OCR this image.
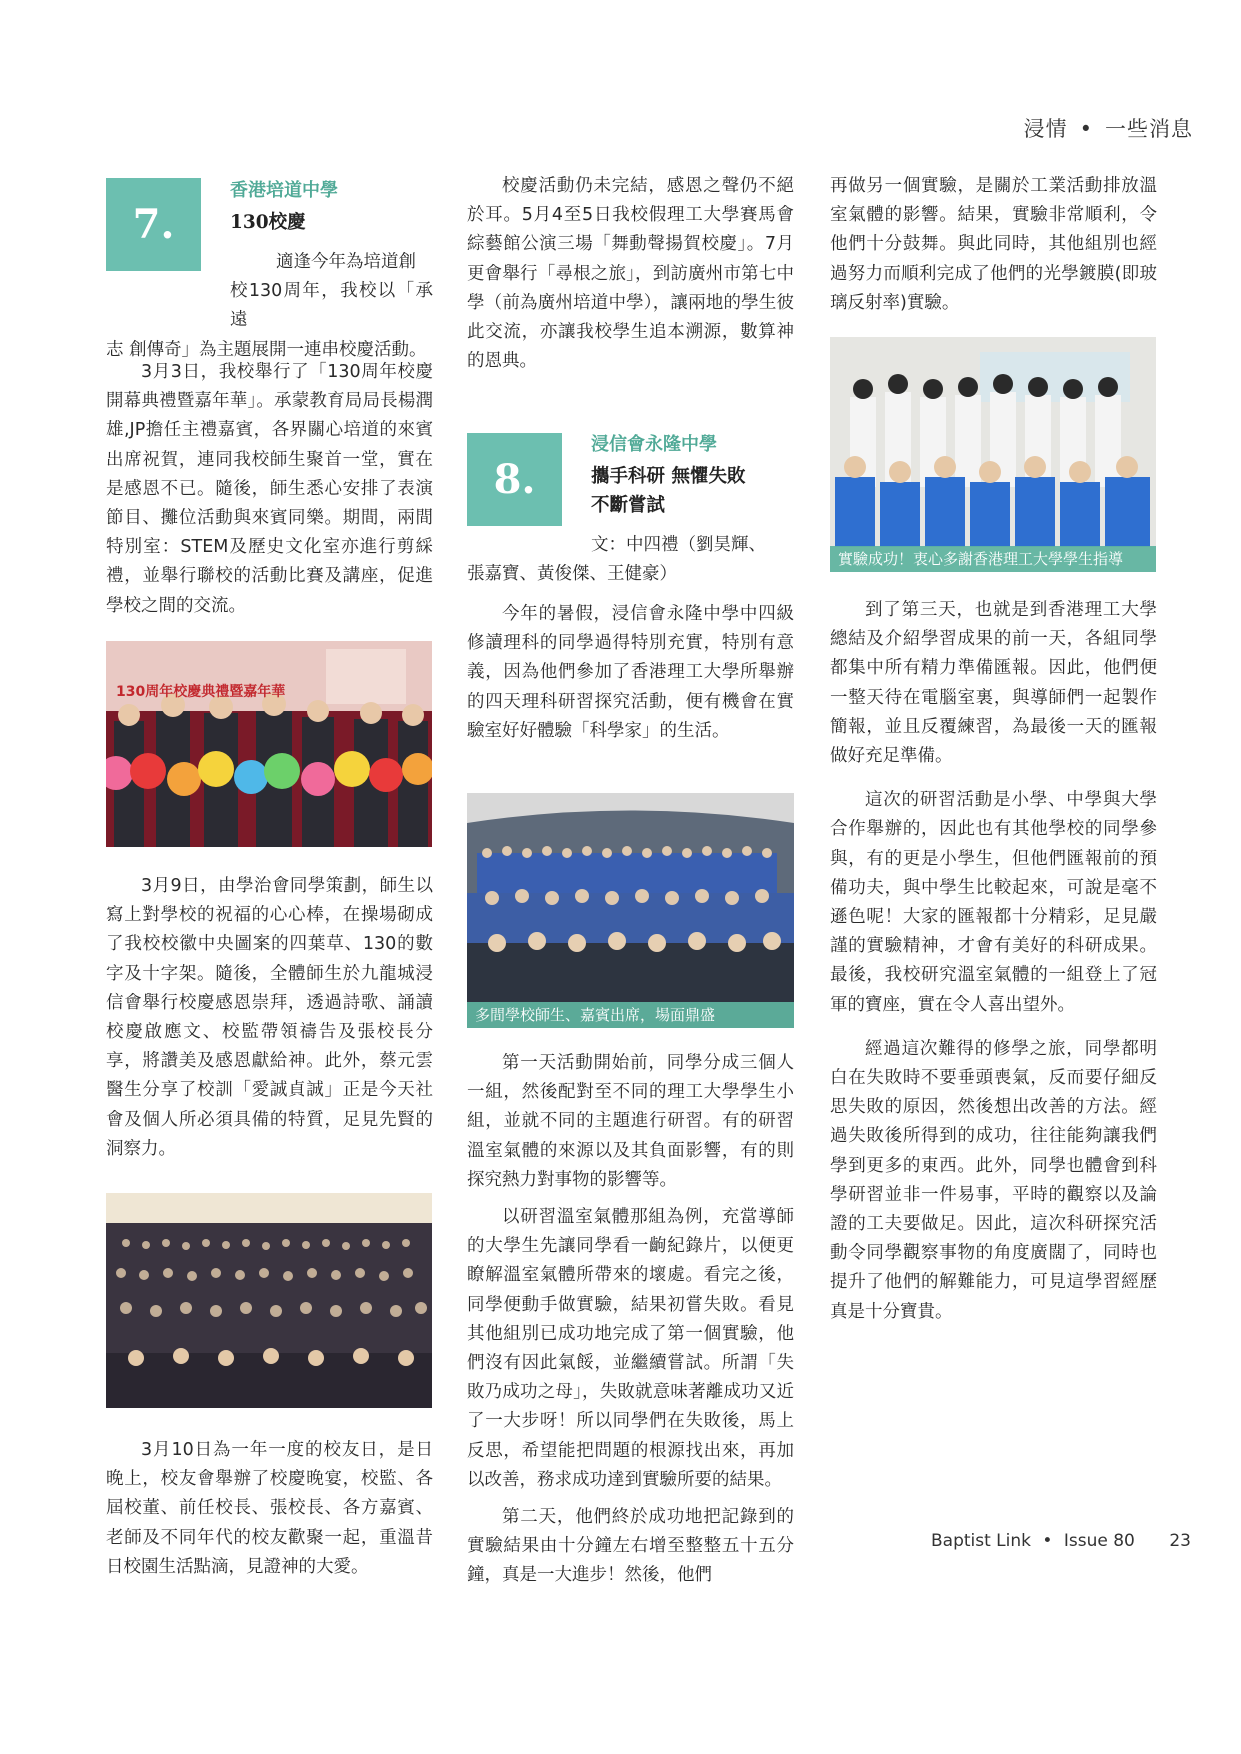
浸情 • 一些消息
7.
香港培道中學
130校慶
適逢今年為培道創
校130周年，我校以「承遠
志 創傳奇」為主題展開一連串校慶活動。

3月3日，我校舉行了「130周年校慶開幕典禮暨嘉年華」。承蒙教育局局長楊潤雄,JP擔任主禮嘉賓，各界關心培道的來賓出席祝賀，連同我校師生聚首一堂，實在是感恩不已。隨後，師生悉心安排了表演節目、攤位活動與來賓同樂。期間，兩間特別室：STEM及歷史文化室亦進行剪綵禮，並舉行聯校的活動比賽及講座，促進學校之間的交流。

130周年校慶典禮暨嘉年華

3月9日，由學治會同學策劃，師生以寫上對學校的祝福的心心棒，在操場砌成了我校校徽中央圖案的四葉草、130的數字及十字架。隨後，全體師生於九龍城浸信會舉行校慶感恩崇拜，透過詩歌、誦讀校慶啟應文、校監帶領禱告及張校長分享，將讚美及感恩獻給神。此外，蔡元雲醫生分享了校訓「愛誠貞誠」正是今天社會及個人所必須具備的特質，足見先賢的洞察力。

3月10日為一年一度的校友日，是日晚上，校友會舉辦了校慶晚宴，校監、各屆校董、前任校長、張校長、各方嘉賓、老師及不同年代的校友歡聚一起，重溫昔日校園生活點滴，見證神的大愛。

校慶活動仍未完結，感恩之聲仍不絕於耳。5月4至5日我校假理工大學賽馬會綜藝館公演三場「舞動聲揚賀校慶」。7月更會舉行「尋根之旅」，到訪廣州市第七中學（前為廣州培道中學），讓兩地的學生彼此交流，亦讓我校學生追本溯源，數算神的恩典。

8.
浸信會永隆中學
攜手科研 無懼失敗
不斷嘗試
文：中四禮（劉昊輝、
張嘉寶、黃俊傑、王健豪）

今年的暑假，浸信會永隆中學中四級修讀理科的同學過得特別充實，特別有意義，因為他們參加了香港理工大學所舉辦的四天理科研習探究活動，便有機會在實驗室好好體驗「科學家」的生活。

多間學校師生、嘉賓出席，場面鼎盛

第一天活動開始前，同學分成三個人一組，然後配對至不同的理工大學學生小組，並就不同的主題進行研習。有的研習溫室氣體的來源以及其負面影響，有的則探究熱力對事物的影響等。

以研習溫室氣體那組為例，充當導師的大學生先讓同學看一齣紀錄片，以便更瞭解溫室氣體所帶來的壞處。看完之後，同學便動手做實驗，結果初嘗失敗。看見其他組別已成功地完成了第一個實驗，他們沒有因此氣餒，並繼續嘗試。所謂「失敗乃成功之母」，失敗就意味著離成功又近了一大步呀！所以同學們在失敗後，馬上反思，希望能把問題的根源找出來，再加以改善，務求成功達到實驗所要的結果。

第二天，他們終於成功地把記錄到的實驗結果由十分鐘左右增至整整五十五分鐘，真是一大進步！然後，他們

再做另一個實驗，是關於工業活動排放溫室氣體的影響。結果，實驗非常順利，令他們十分鼓舞。與此同時，其他組別也經過努力而順利完成了他們的光學鍍膜(即玻璃反射率)實驗。

實驗成功！衷心多謝香港理工大學學生指導

到了第三天，也就是到香港理工大學總結及介紹學習成果的前一天，各組同學都集中所有精力準備匯報。因此，他們便一整天待在電腦室裏，與導師們一起製作簡報，並且反覆練習，為最後一天的匯報做好充足準備。

這次的研習活動是小學、中學與大學合作舉辦的，因此也有其他學校的同學參與，有的更是小學生，但他們匯報前的預備功夫，與中學生比較起來，可說是毫不遜色呢！大家的匯報都十分精彩，足見嚴謹的實驗精神，才會有美好的科研成果。最後，我校研究溫室氣體的一組登上了冠軍的寶座，實在令人喜出望外。

經過這次難得的修學之旅，同學都明白在失敗時不要垂頭喪氣，反而要仔細反思失敗的原因，然後想出改善的方法。經過失敗後所得到的成功，往往能夠讓我們學到更多的東西。此外，同學也體會到科學研習並非一件易事，平時的觀察以及論證的工夫要做足。因此，這次科研探究活動令同學觀察事物的角度廣闊了，同時也提升了他們的解難能力，可見這學習經歷真是十分寶貴。

Baptist Link • Issue 80 23
